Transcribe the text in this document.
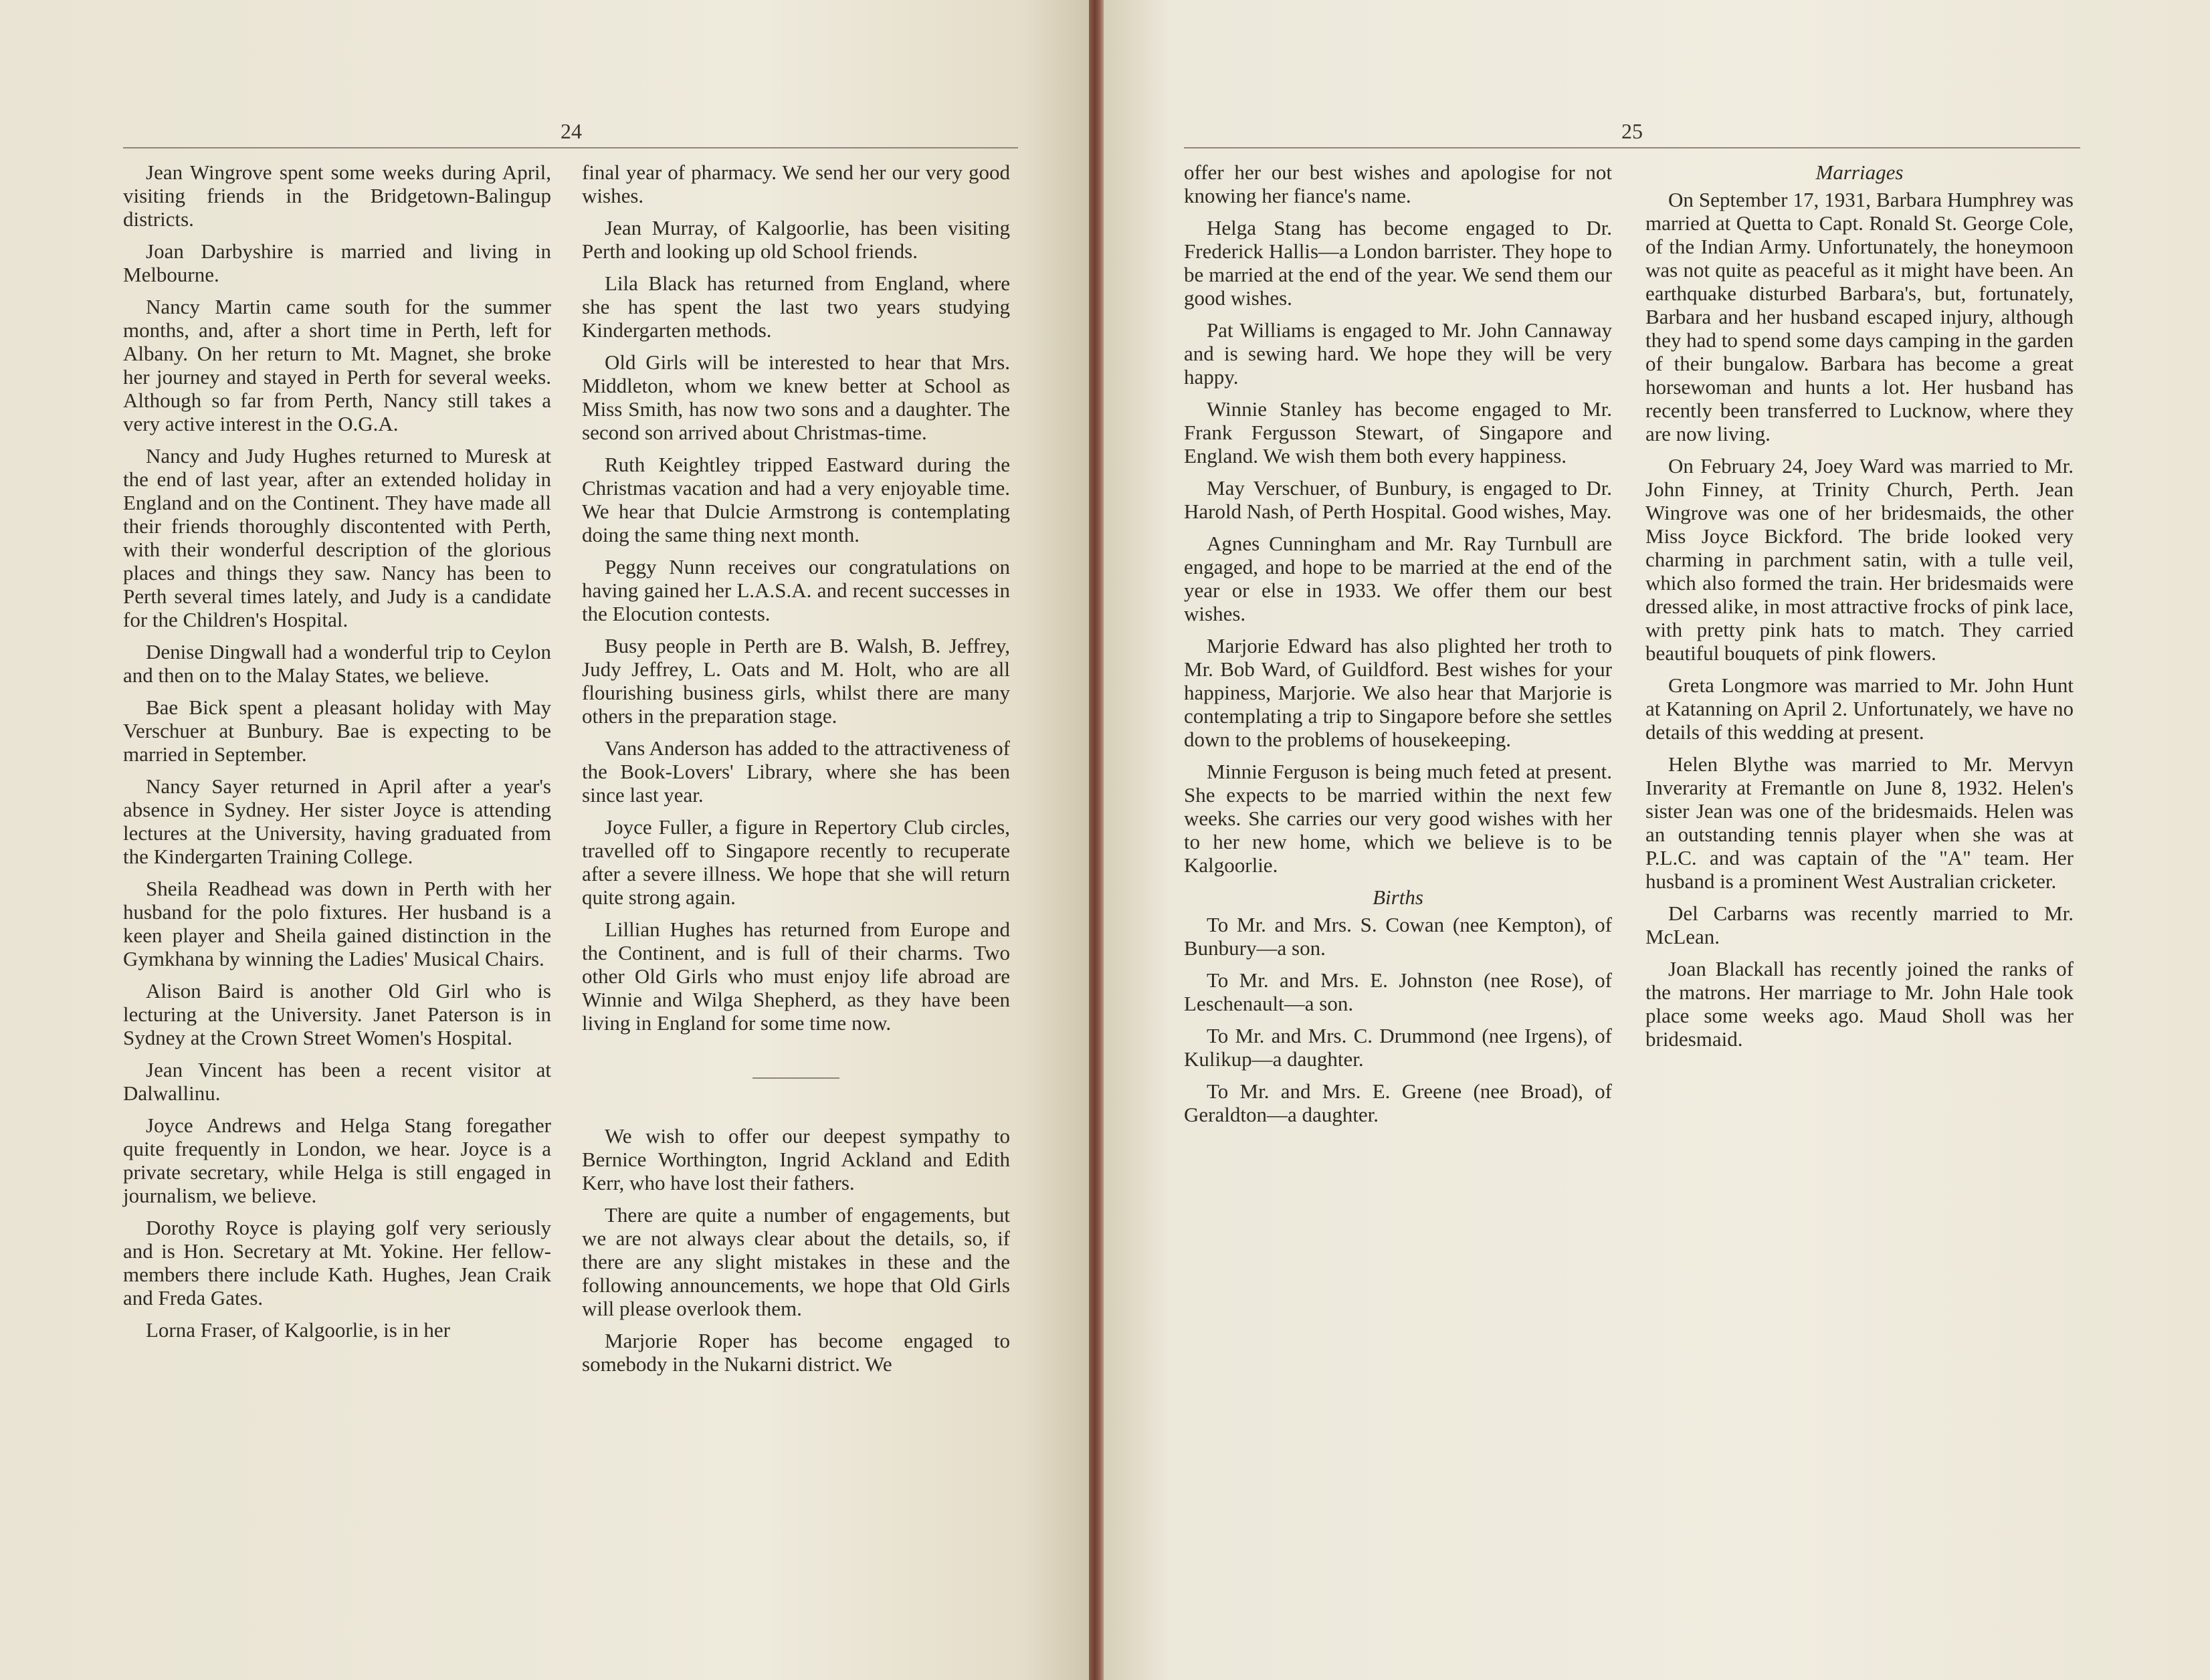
24

Jean Wingrove spent some weeks during April, visiting friends in the Bridgetown-Balingup districts.

Joan Darbyshire is married and living in Melbourne.

Nancy Martin came south for the summer months, and, after a short time in Perth, left for Albany. On her return to Mt. Magnet, she broke her journey and stayed in Perth for several weeks. Although so far from Perth, Nancy still takes a very active interest in the O.G.A.

Nancy and Judy Hughes returned to Muresk at the end of last year, after an extended holiday in England and on the Continent. They have made all their friends thoroughly discontented with Perth, with their wonderful description of the glorious places and things they saw. Nancy has been to Perth several times lately, and Judy is a candidate for the Children's Hospital.

Denise Dingwall had a wonderful trip to Ceylon and then on to the Malay States, we believe.

Bae Bick spent a pleasant holiday with May Verschuer at Bunbury. Bae is expecting to be married in September.

Nancy Sayer returned in April after a year's absence in Sydney. Her sister Joyce is attending lectures at the University, having graduated from the Kindergarten Training College.

Sheila Readhead was down in Perth with her husband for the polo fixtures. Her husband is a keen player and Sheila gained distinction in the Gymkhana by winning the Ladies' Musical Chairs.

Alison Baird is another Old Girl who is lecturing at the University. Janet Paterson is in Sydney at the Crown Street Women's Hospital.

Jean Vincent has been a recent visitor at Dalwallinu.

Joyce Andrews and Helga Stang foregather quite frequently in London, we hear. Joyce is a private secretary, while Helga is still engaged in journalism, we believe.

Dorothy Royce is playing golf very seriously and is Hon. Secretary at Mt. Yokine. Her fellow-members there include Kath. Hughes, Jean Craik and Freda Gates.

Lorna Fraser, of Kalgoorlie, is in her

final year of pharmacy. We send her our very good wishes.

Jean Murray, of Kalgoorlie, has been visiting Perth and looking up old School friends.

Lila Black has returned from England, where she has spent the last two years studying Kindergarten methods.

Old Girls will be interested to hear that Mrs. Middleton, whom we knew better at School as Miss Smith, has now two sons and a daughter. The second son arrived about Christmas-time.

Ruth Keightley tripped Eastward during the Christmas vacation and had a very enjoyable time. We hear that Dulcie Armstrong is contemplating doing the same thing next month.

Peggy Nunn receives our congratulations on having gained her L.A.S.A. and recent successes in the Elocution contests.

Busy people in Perth are B. Walsh, B. Jeffrey, Judy Jeffrey, L. Oats and M. Holt, who are all flourishing business girls, whilst there are many others in the preparation stage.

Vans Anderson has added to the attractiveness of the Book-Lovers' Library, where she has been since last year.

Joyce Fuller, a figure in Repertory Club circles, travelled off to Singapore recently to recuperate after a severe illness. We hope that she will return quite strong again.

Lillian Hughes has returned from Europe and the Continent, and is full of their charms. Two other Old Girls who must enjoy life abroad are Winnie and Wilga Shepherd, as they have been living in England for some time now.

We wish to offer our deepest sympathy to Bernice Worthington, Ingrid Ackland and Edith Kerr, who have lost their fathers.

There are quite a number of engagements, but we are not always clear about the details, so, if there are any slight mistakes in these and the following announcements, we hope that Old Girls will please overlook them.

Marjorie Roper has become engaged to somebody in the Nukarni district. We

25

offer her our best wishes and apologise for not knowing her fiance's name.

Helga Stang has become engaged to Dr. Frederick Hallis—a London barrister. They hope to be married at the end of the year. We send them our good wishes.

Pat Williams is engaged to Mr. John Cannaway and is sewing hard. We hope they will be very happy.

Winnie Stanley has become engaged to Mr. Frank Fergusson Stewart, of Singapore and England. We wish them both every happiness.

May Verschuer, of Bunbury, is engaged to Dr. Harold Nash, of Perth Hospital. Good wishes, May.

Agnes Cunningham and Mr. Ray Turnbull are engaged, and hope to be married at the end of the year or else in 1933. We offer them our best wishes.

Marjorie Edward has also plighted her troth to Mr. Bob Ward, of Guildford. Best wishes for your happiness, Marjorie. We also hear that Marjorie is contemplating a trip to Singapore before she settles down to the problems of housekeeping.

Minnie Ferguson is being much feted at present. She expects to be married within the next few weeks. She carries our very good wishes with her to her new home, which we believe is to be Kalgoorlie.

Births

To Mr. and Mrs. S. Cowan (nee Kempton), of Bunbury—a son.

To Mr. and Mrs. E. Johnston (nee Rose), of Leschenault—a son.

To Mr. and Mrs. C. Drummond (nee Irgens), of Kulikup—a daughter.

To Mr. and Mrs. E. Greene (nee Broad), of Geraldton—a daughter.

Marriages

On September 17, 1931, Barbara Humphrey was married at Quetta to Capt. Ronald St. George Cole, of the Indian Army. Unfortunately, the honeymoon was not quite as peaceful as it might have been. An earthquake disturbed Barbara's, but, fortunately, Barbara and her husband escaped injury, although they had to spend some days camping in the garden of their bungalow. Barbara has become a great horsewoman and hunts a lot. Her husband has recently been transferred to Lucknow, where they are now living.

On February 24, Joey Ward was married to Mr. John Finney, at Trinity Church, Perth. Jean Wingrove was one of her bridesmaids, the other Miss Joyce Bickford. The bride looked very charming in parchment satin, with a tulle veil, which also formed the train. Her bridesmaids were dressed alike, in most attractive frocks of pink lace, with pretty pink hats to match. They carried beautiful bouquets of pink flowers.

Greta Longmore was married to Mr. John Hunt at Katanning on April 2. Unfortunately, we have no details of this wedding at present.

Helen Blythe was married to Mr. Mervyn Inverarity at Fremantle on June 8, 1932. Helen's sister Jean was one of the bridesmaids. Helen was an outstanding tennis player when she was at P.L.C. and was captain of the "A" team. Her husband is a prominent West Australian cricketer.

Del Carbarns was recently married to Mr. McLean.

Joan Blackall has recently joined the ranks of the matrons. Her marriage to Mr. John Hale took place some weeks ago. Maud Sholl was her bridesmaid.
